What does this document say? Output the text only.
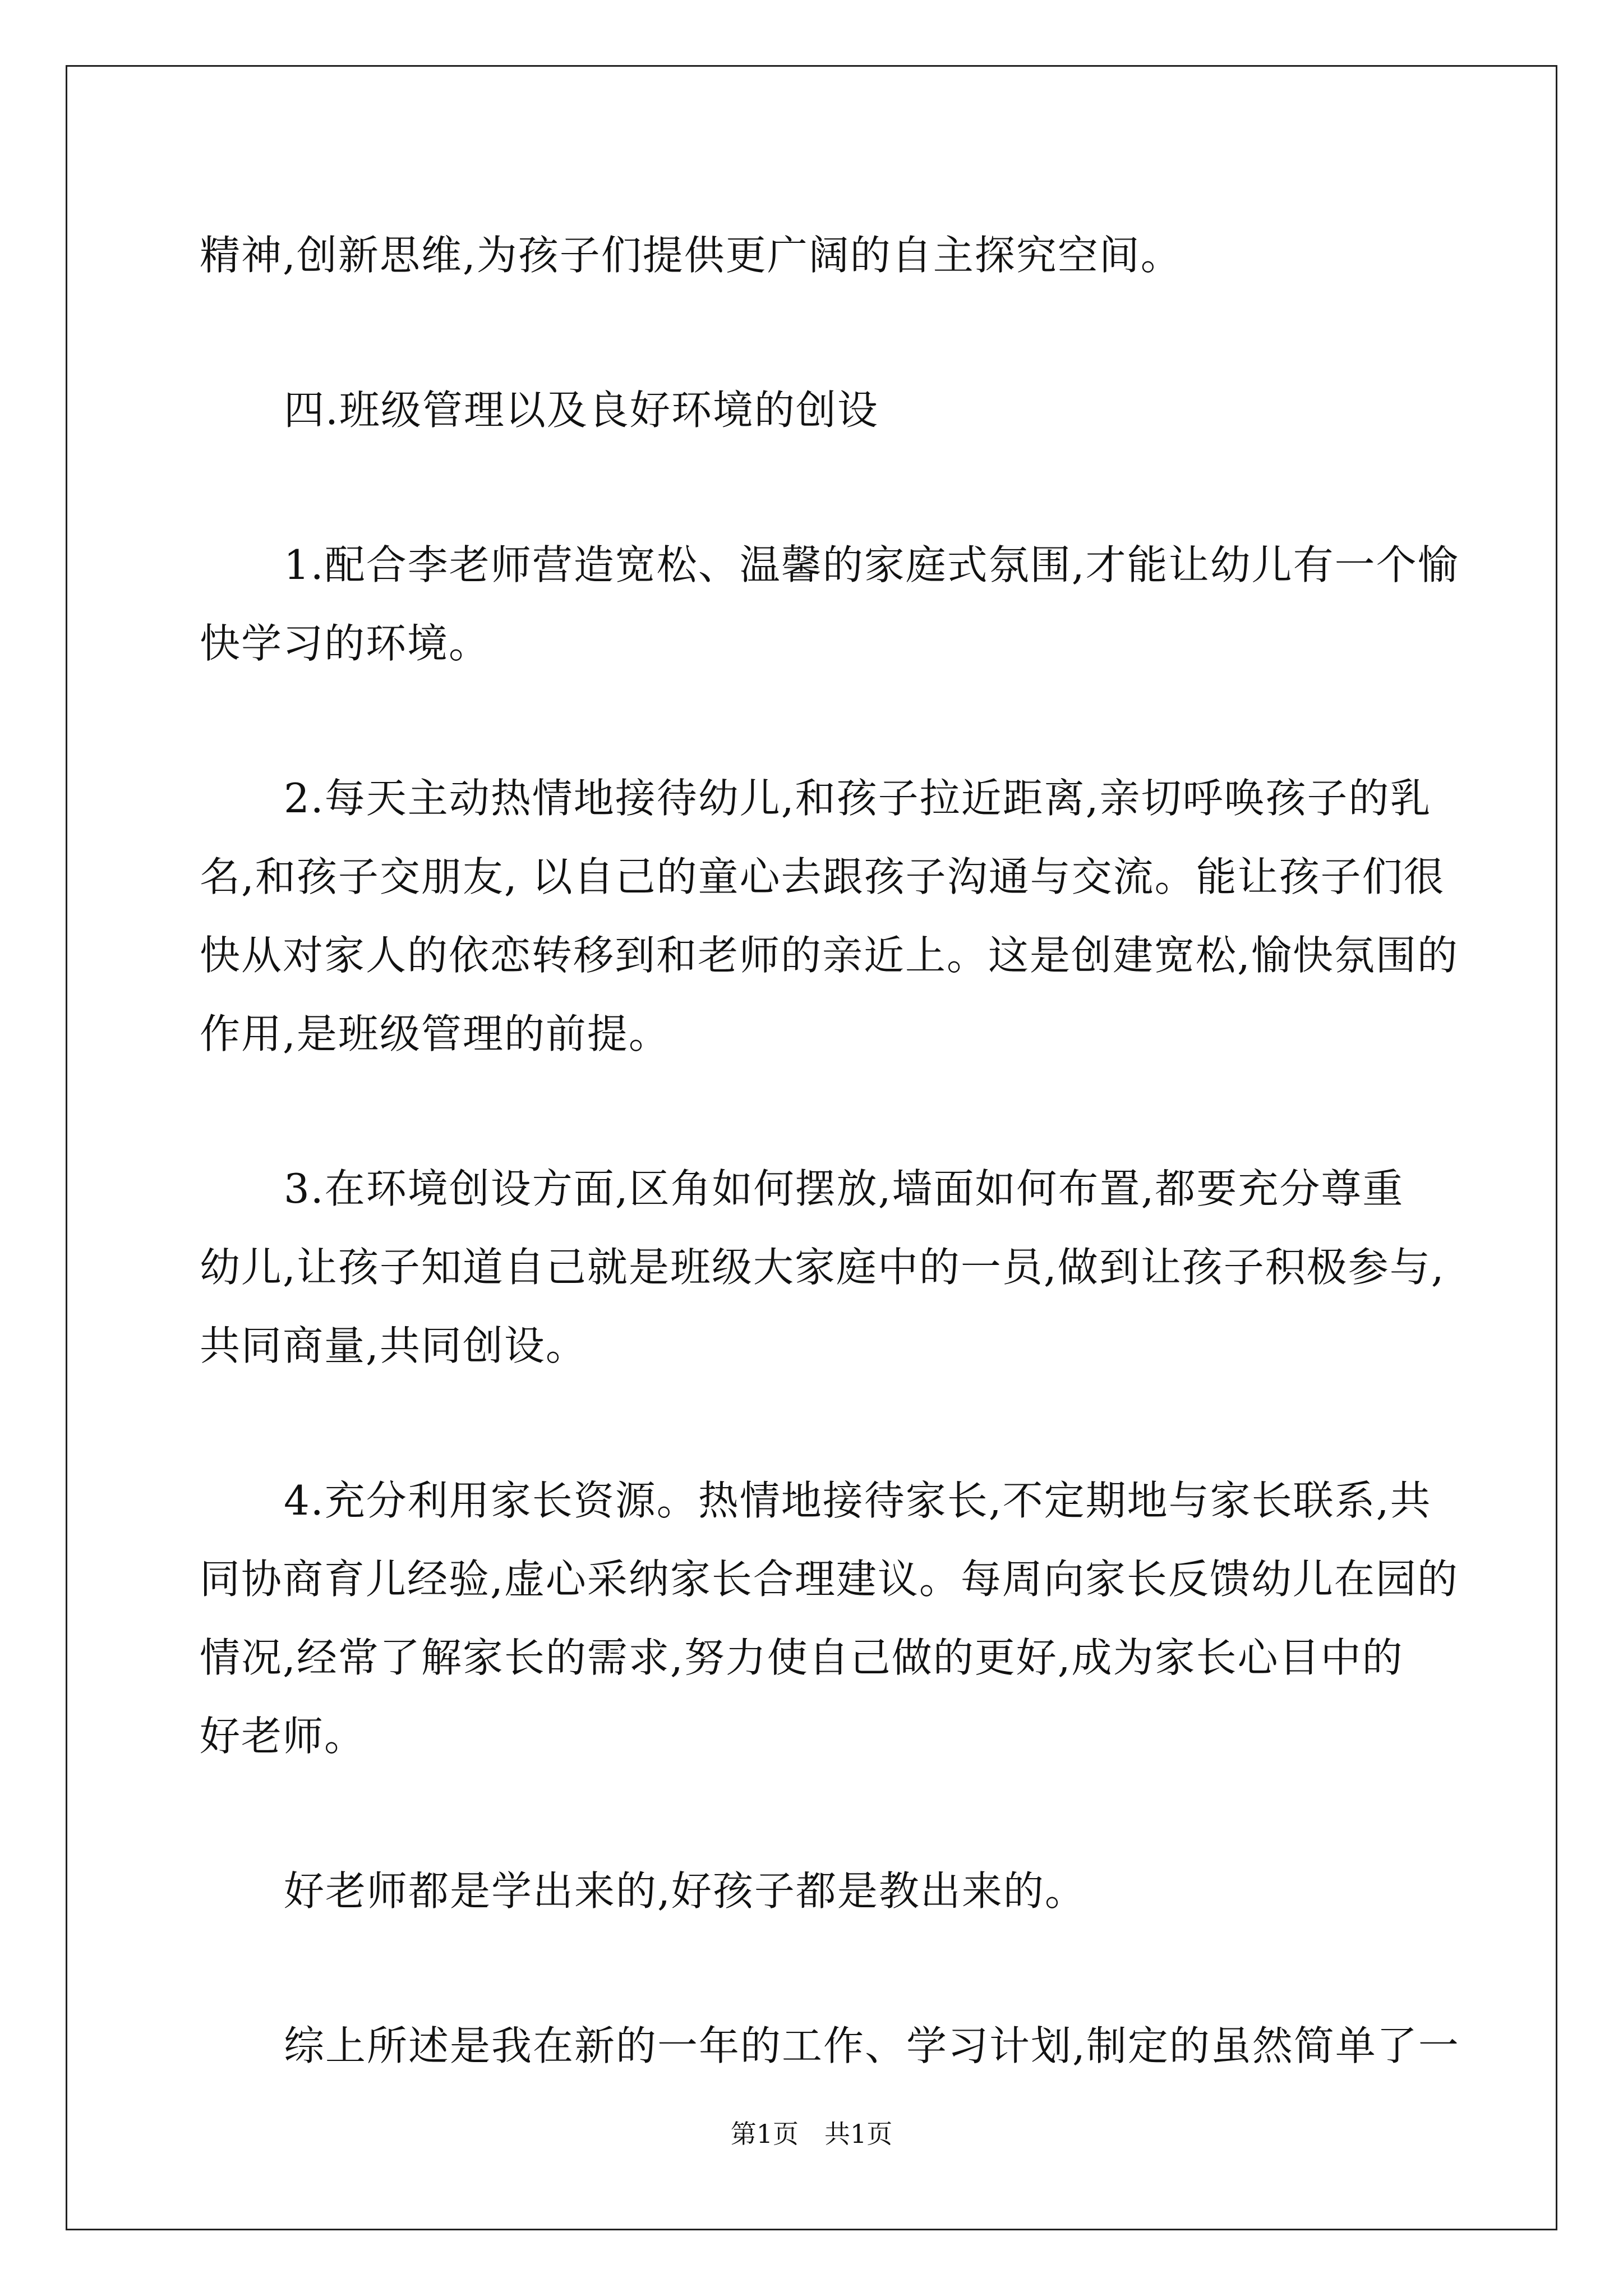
精神,创新思维,为孩子们提供更广阔的自主探究空间。
四.班级管理以及良好环境的创设
1.配合李老师营造宽松、温馨的家庭式氛围,才能让幼儿有一个愉
快学习的环境。
2.每天主动热情地接待幼儿,和孩子拉近距离,亲切呼唤孩子的乳
名,和孩子交朋友, 以自己的童心去跟孩子沟通与交流。能让孩子们很
快从对家人的依恋转移到和老师的亲近上。这是创建宽松,愉快氛围的
作用,是班级管理的前提。
3.在环境创设方面,区角如何摆放,墙面如何布置,都要充分尊重
幼儿,让孩子知道自己就是班级大家庭中的一员,做到让孩子积极参与,
共同商量,共同创设。
4.充分利用家长资源。热情地接待家长,不定期地与家长联系,共
同协商育儿经验,虚心采纳家长合理建议。每周向家长反馈幼儿在园的
情况,经常了解家长的需求,努力使自己做的更好,成为家长心目中的
好老师。
好老师都是学出来的,好孩子都是教出来的。
综上所述是我在新的一年的工作、学习计划,制定的虽然简单了一
第1页　共1页
